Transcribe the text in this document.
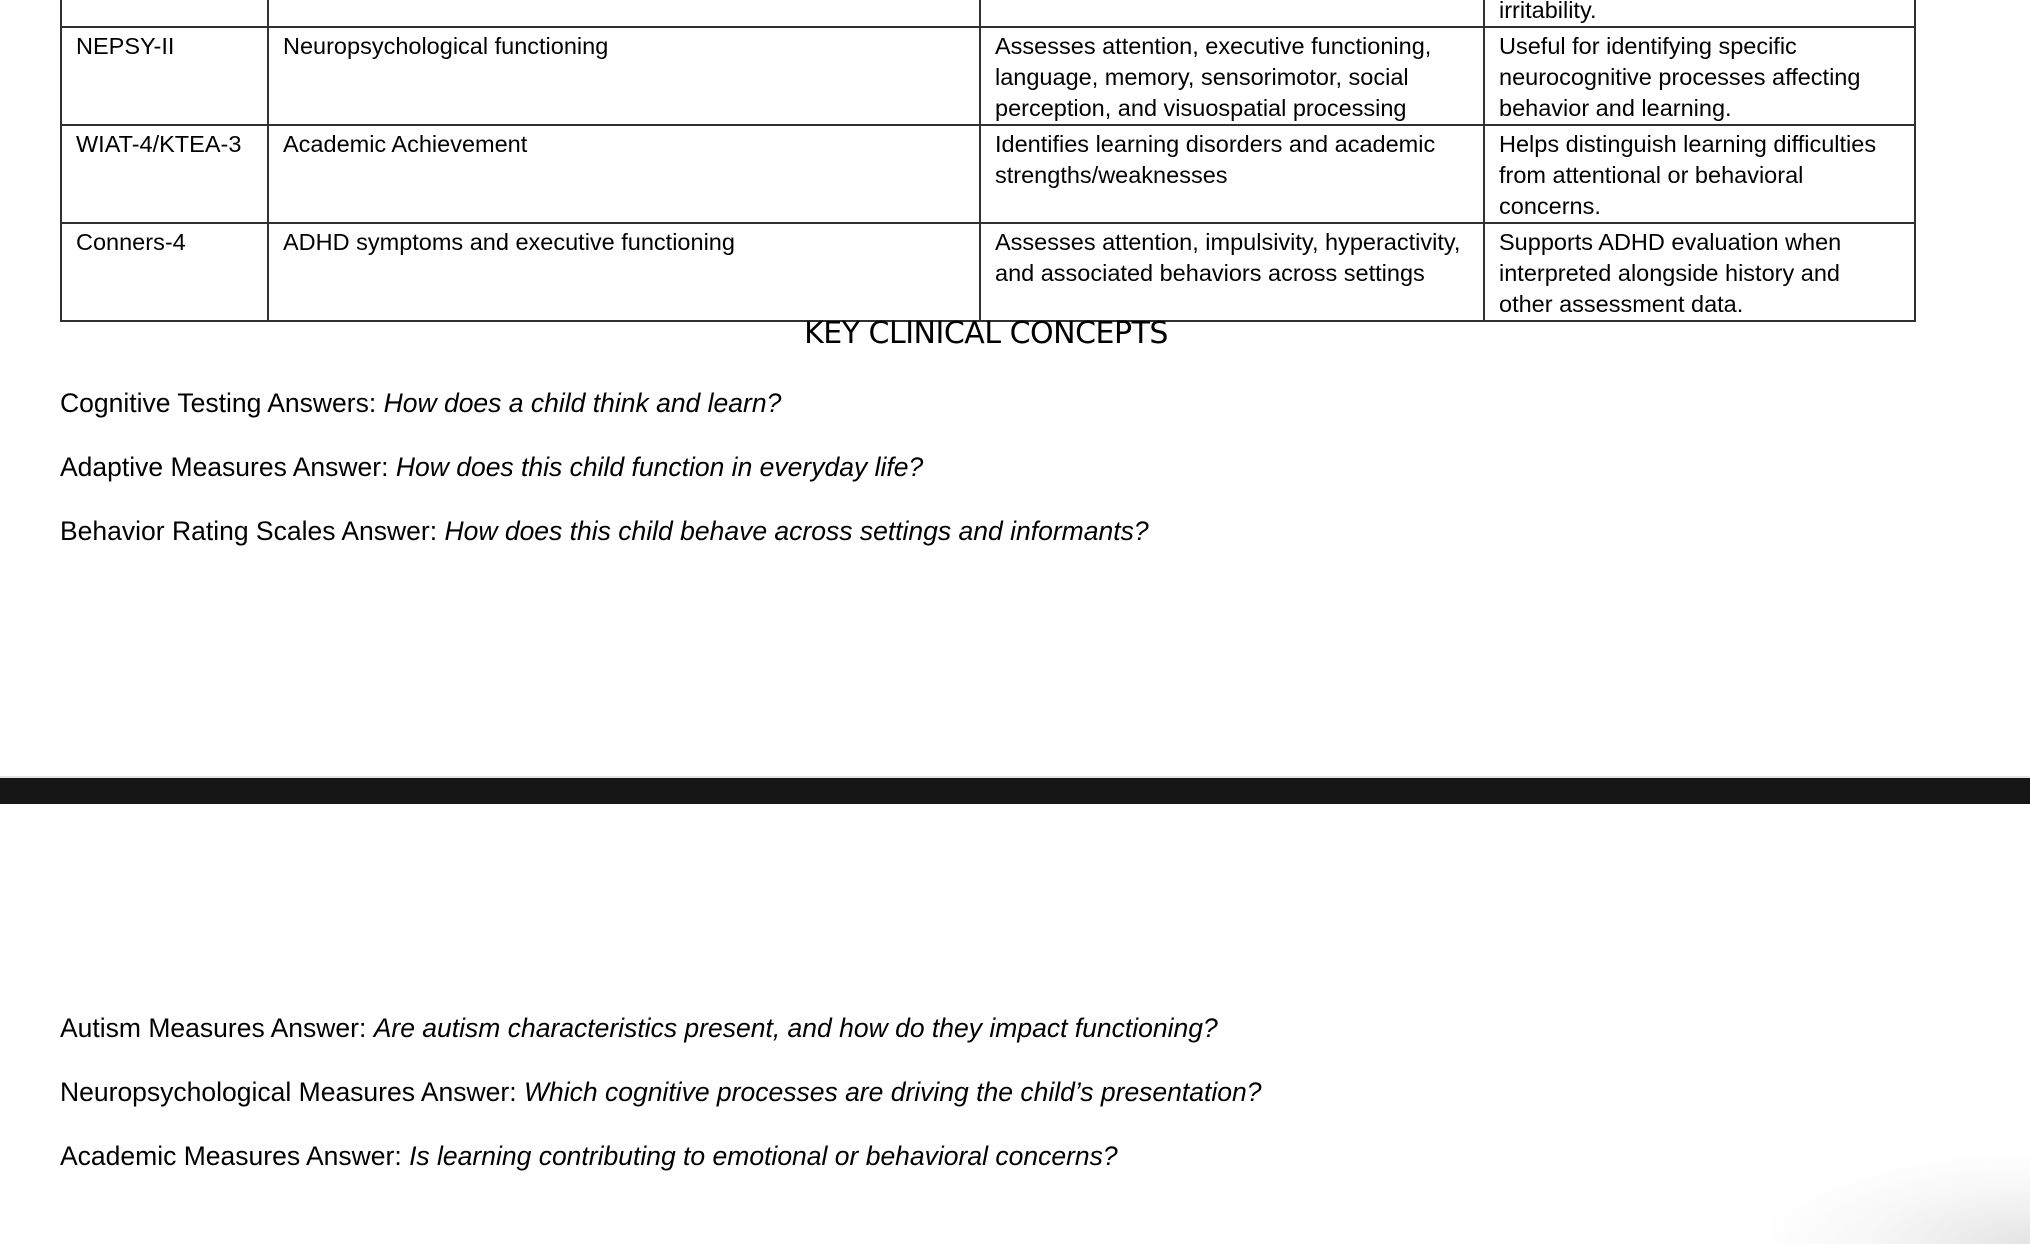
			irritability.

NEPSY-II	Neuropsychological functioning	Assesses attention, executive functioning, language, memory, sensorimotor, social perception, and visuospatial processing	Useful for identifying specific neurocognitive processes affecting behavior and learning.
WIAT-4/KTEA-3	Academic Achievement	Identifies learning disorders and academic strengths/weaknesses	Helps distinguish learning difficulties from attentional or behavioral concerns.
Conners-4	ADHD symptoms and executive functioning	Assesses attention, impulsivity, hyperactivity, and associated behaviors across settings	Supports ADHD evaluation when interpreted alongside history and other assessment data.
KEY CLINICAL CONCEPTS
Cognitive Testing Answers: How does a child think and learn?
Adaptive Measures Answer: How does this child function in everyday life?
Behavior Rating Scales Answer: How does this child behave across settings and informants?
Autism Measures Answer: Are autism characteristics present, and how do they impact functioning?
Neuropsychological Measures Answer: Which cognitive processes are driving the child’s presentation?
Academic Measures Answer: Is learning contributing to emotional or behavioral concerns?
